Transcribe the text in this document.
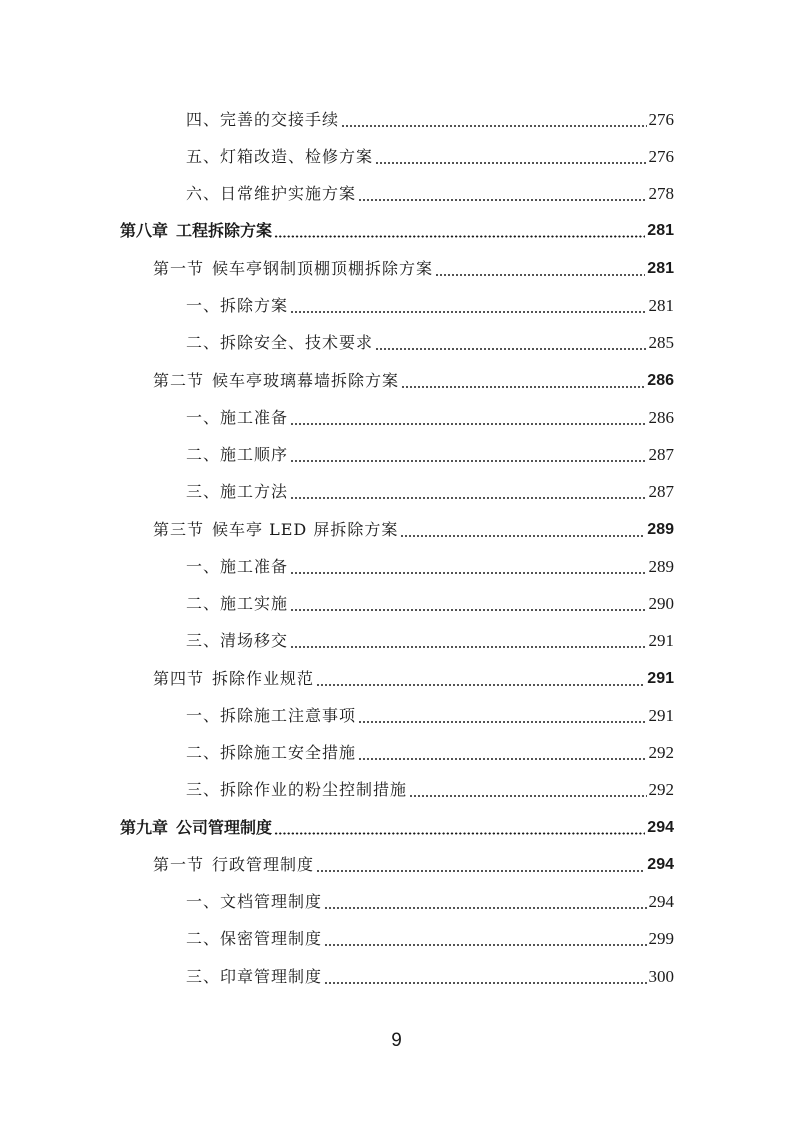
四、完善的交接手续	276
五、灯箱改造、检修方案	276
六、日常维护实施方案	278
第八章 工程拆除方案	281
第一节 候车亭钢制顶棚顶棚拆除方案	281
一、拆除方案	281
二、拆除安全、技术要求	285
第二节 候车亭玻璃幕墙拆除方案	286
一、施工准备	286
二、施工顺序	287
三、施工方法	287
第三节 候车亭 LED 屏拆除方案	289
一、施工准备	289
二、施工实施	290
三、清场移交	291
第四节 拆除作业规范	291
一、拆除施工注意事项	291
二、拆除施工安全措施	292
三、拆除作业的粉尘控制措施	292
第九章 公司管理制度	294
第一节 行政管理制度	294
一、文档管理制度	294
二、保密管理制度	299
三、印章管理制度	300
9
